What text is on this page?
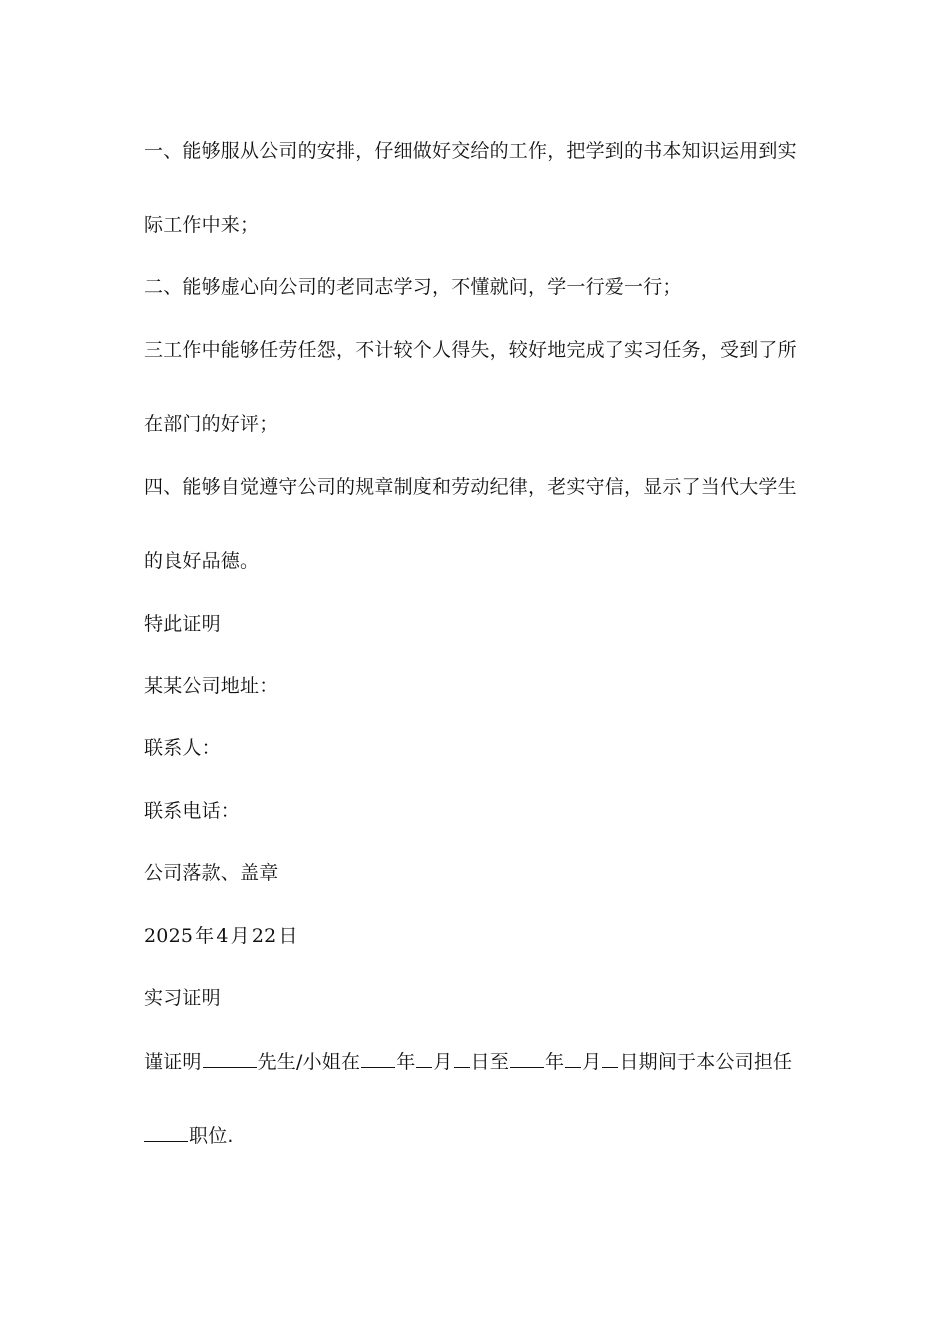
一、能够服从公司的安排，仔细做好交给的工作，把学到的书本知识运用到实
际工作中来；
二、能够虚心向公司的老同志学习，不懂就问，学一行爱一行；
三工作中能够任劳任怨，不计较个人得失，较好地完成了实习任务，受到了所
在部门的好评；
四、能够自觉遵守公司的规章制度和劳动纪律，老实守信，显示了当代大学生
的良好品德。
特此证明
某某公司地址：
联系人：
联系电话：
公司落款、盖章
2025 年 4 月 22 日
实习证明
谨证明	先生/小姐在 年 月 日至 年 月 日期间于本公司担任
职位.
